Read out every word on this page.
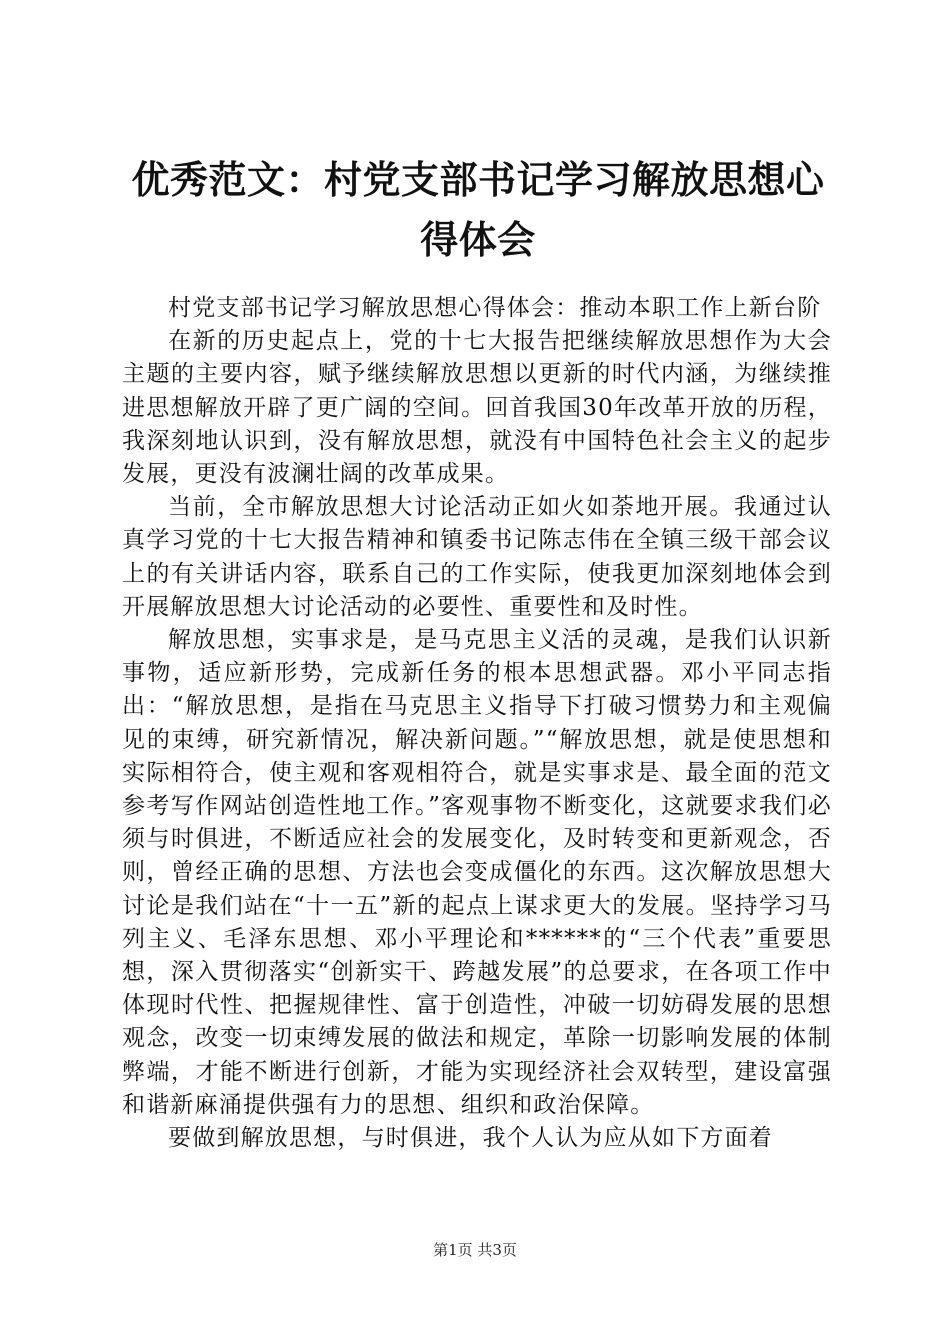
优秀范文：村党支部书记学习解放思想心得体会

村党支部书记学习解放思想心得体会：推动本职工作上新台阶

在新的历史起点上，党的十七大报告把继续解放思想作为大会主题的主要内容，赋予继续解放思想以更新的时代内涵，为继续推进思想解放开辟了更广阔的空间。回首我国30年改革开放的历程，我深刻地认识到，没有解放思想，就没有中国特色社会主义的起步发展，更没有波澜壮阔的改革成果。

当前，全市解放思想大讨论活动正如火如荼地开展。我通过认真学习党的十七大报告精神和镇委书记陈志伟在全镇三级干部会议上的有关讲话内容，联系自己的工作实际，使我更加深刻地体会到开展解放思想大讨论活动的必要性、重要性和及时性。

解放思想，实事求是，是马克思主义活的灵魂，是我们认识新事物，适应新形势，完成新任务的根本思想武器。邓小平同志指出：“解放思想，是指在马克思主义指导下打破习惯势力和主观偏见的束缚，研究新情况，解决新问题。”“解放思想，就是使思想和实际相符合，使主观和客观相符合，就是实事求是、最全面的范文参考写作网站创造性地工作。”客观事物不断变化，这就要求我们必须与时俱进，不断适应社会的发展变化，及时转变和更新观念，否则，曾经正确的思想、方法也会变成僵化的东西。这次解放思想大讨论是我们站在“十一五”新的起点上谋求更大的发展。坚持学习马列主义、毛泽东思想、邓小平理论和******的“三个代表”重要思想，深入贯彻落实“创新实干、跨越发展”的总要求，在各项工作中体现时代性、把握规律性、富于创造性，冲破一切妨碍发展的思想观念，改变一切束缚发展的做法和规定，革除一切影响发展的体制弊端，才能不断进行创新，才能为实现经济社会双转型，建设富强和谐新麻涌提供强有力的思想、组织和政治保障。

要做到解放思想，与时俱进，我个人认为应从如下方面着

第1页 共3页
